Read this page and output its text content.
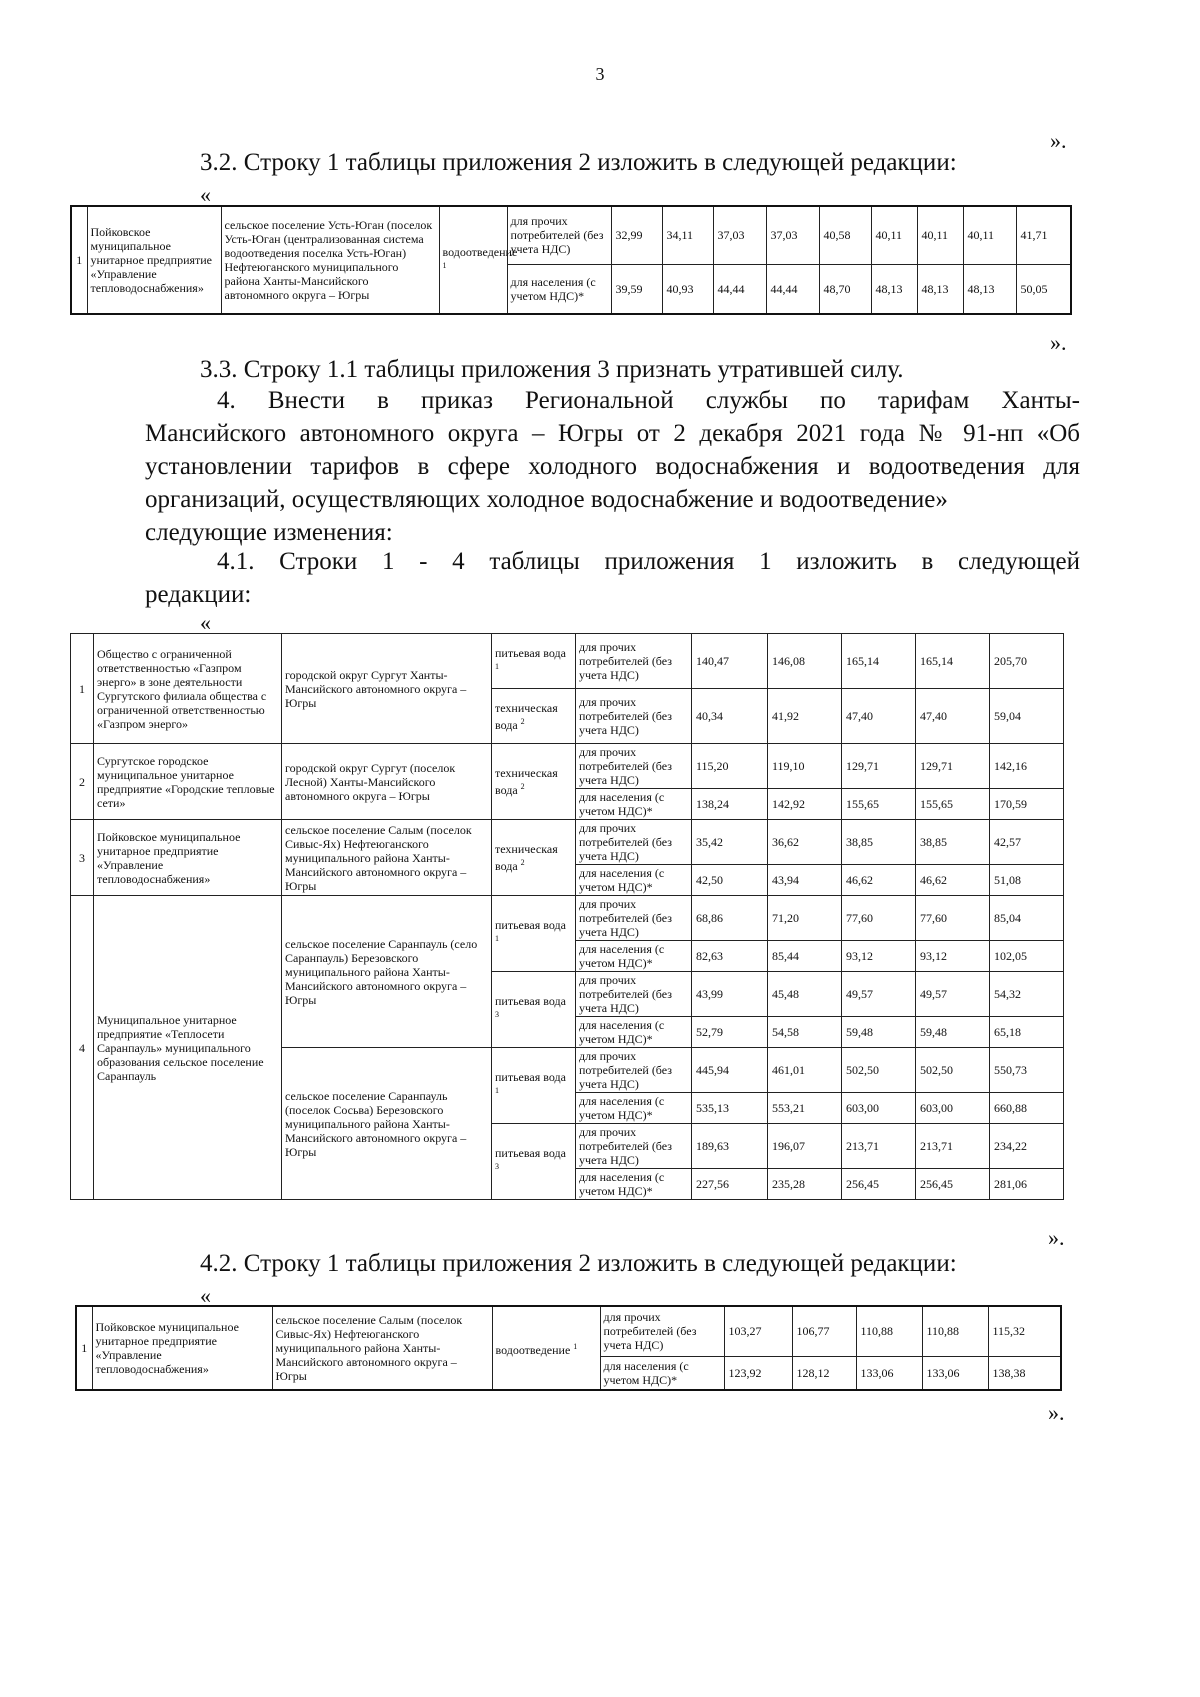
3
».
3.2. Строку 1 таблицы приложения 2 изложить в следующей редакции:
«
1	Пойковское муниципальное унитарное предприятие «Управление тепловодоснабжения»	сельское поселение Усть-Юган (поселок Усть-Юган (централизованная система водоотведения поселка Усть-Юган) Нефтеюганского муниципального района Ханты-Мансийского автономного округа – Югры	водоотведение $^1$	для прочих потребителей (без учета НДС)	32,99	34,11	37,03	37,03	40,58	40,11	40,11	40,11	41,71
				для населения (с учетом НДС)*	39,59	40,93	44,44	44,44	48,70	48,13	48,13	48,13	50,05
».
3.3. Строку 1.1 таблицы приложения 3 признать утратившей силу.
4. Внести в приказ Региональной службы по тарифам Ханты-
Мансийского автономного округа – Югры от 2 декабря 2021 года № 91-нп «Об установлении тарифов в сфере холодного водоснабжения и водоотведения для организаций, осуществляющих холодное водоснабжение и водоотведение»
следующие изменения:
4.1. Строки 1 - 4 таблицы приложения 1 изложить в следующей
редакции:
«
1	Общество с ограниченной ответственностью «Газпром энерго» в зоне деятельности Сургутского филиала общества с ограниченной ответственностью «Газпром энерго»	городской округ Сургут Ханты-Мансийского автономного округа – Югры	питьевая вода $^1$	для прочих потребителей (без учета НДС)	140,47	146,08	165,14	165,14	205,70
			техническая вода $^2$	для прочих потребителей (без учета НДС)	40,34	41,92	47,40	47,40	59,04
2	Сургутское городское муниципальное унитарное предприятие «Городские тепловые сети»	городской округ Сургут (поселок Лесной) Ханты-Мансийского автономного округа – Югры	техническая вода $^2$	для прочих потребителей (без учета НДС)	115,20	119,10	129,71	129,71	142,16
				для населения (с учетом НДС)*	138,24	142,92	155,65	155,65	170,59
3	Пойковское муниципальное унитарное предприятие «Управление тепловодоснабжения»	сельское поселение Салым (поселок Сивыс-Ях) Нефтеюганского муниципального района Ханты-Мансийского автономного округа – Югры	техническая вода $^2$	для прочих потребителей (без учета НДС)	35,42	36,62	38,85	38,85	42,57
				для населения (с учетом НДС)*	42,50	43,94	46,62	46,62	51,08
4	Муниципальное унитарное предприятие «Теплосети Саранпауль» муниципального образования сельское поселение Саранпауль	сельское поселение Саранпауль (село Саранпауль) Березовского муниципального района Ханты-Мансийского автономного округа – Югры	питьевая вода $^1$	для прочих потребителей (без учета НДС)	68,86	71,20	77,60	77,60	85,04
				для населения (с учетом НДС)*	82,63	85,44	93,12	93,12	102,05
			питьевая вода $^3$	для прочих потребителей (без учета НДС)	43,99	45,48	49,57	49,57	54,32
				для населения (с учетом НДС)*	52,79	54,58	59,48	59,48	65,18
		сельское поселение Саранпауль (поселок Сосьва) Березовского муниципального района Ханты-Мансийского автономного округа – Югры	питьевая вода $^1$	для прочих потребителей (без учета НДС)	445,94	461,01	502,50	502,50	550,73
				для населения (с учетом НДС)*	535,13	553,21	603,00	603,00	660,88
			питьевая вода $^3$	для прочих потребителей (без учета НДС)	189,63	196,07	213,71	213,71	234,22
				для населения (с учетом НДС)*	227,56	235,28	256,45	256,45	281,06
».
4.2. Строку 1 таблицы приложения 2 изложить в следующей редакции:
«
1	Пойковское муниципальное унитарное предприятие «Управление тепловодоснабжения»	сельское поселение Салым (поселок Сивыс-Ях) Нефтеюганского муниципального района Ханты-Мансийского автономного округа – Югры	водоотведение $^1$	для прочих потребителей (без учета НДС)	103,27	106,77	110,88	110,88	115,32
				для населения (с учетом НДС)*	123,92	128,12	133,06	133,06	138,38
».
